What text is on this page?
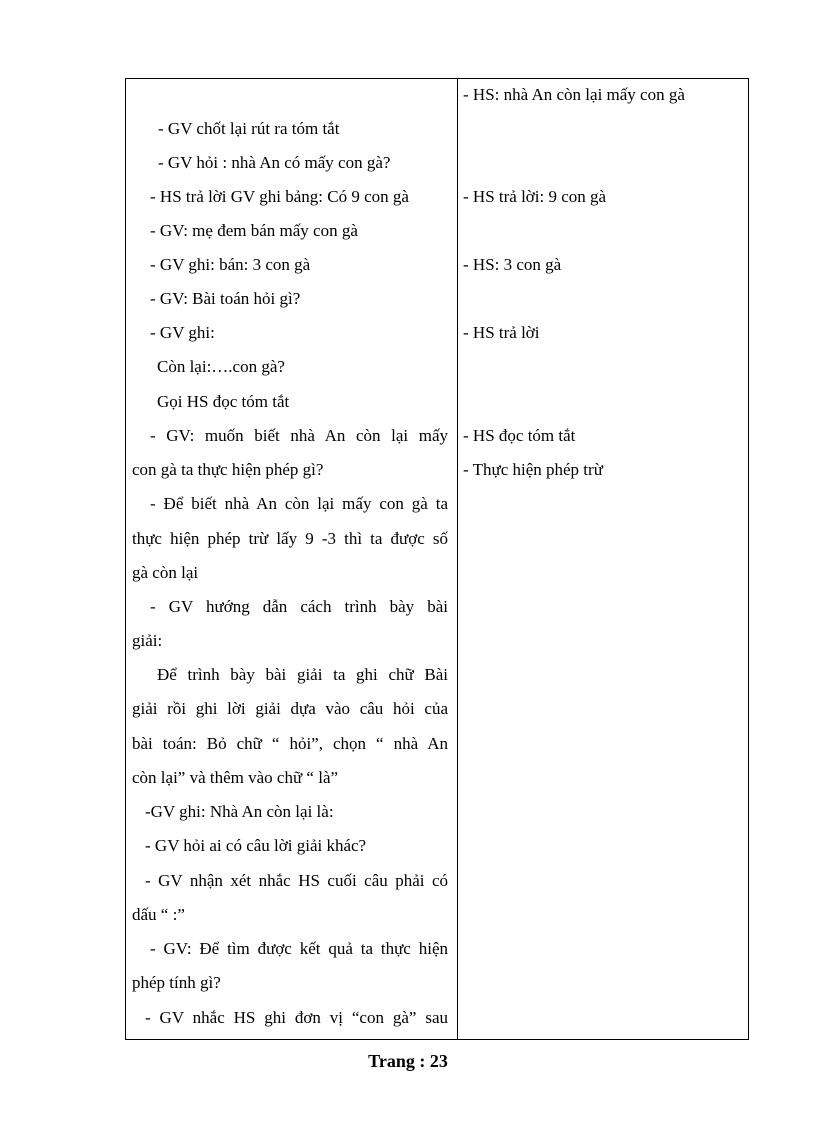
- GV chốt lại rút ra tóm tắt
- GV hỏi : nhà An có mấy con gà?
- HS trả lời GV ghi bảng: Có 9 con gà
- GV: mẹ đem bán mấy con gà
- GV ghi: bán: 3 con gà
- GV: Bài toán hỏi gì?
- GV ghi:
Còn lại:….con gà?
Gọi HS đọc tóm tắt
- GV: muốn biết nhà An còn lại mấy
con gà ta thực hiện phép gì?
- Để biết nhà An còn lại mấy con gà ta
thực hiện phép trừ lấy 9 -3 thì ta được số
gà còn lại
- GV hướng dẫn cách trình bày bài
giải:
Để trình bày bài giải ta ghi chữ Bài
giải rồi ghi lời giải dựa vào câu hỏi của
bài toán: Bỏ chữ “ hỏi”, chọn “ nhà An
còn lại” và thêm vào chữ “ là”
-GV ghi: Nhà An còn lại là:
- GV hỏi ai có câu lời giải khác?
- GV nhận xét nhắc HS cuối câu phải có
dấu “ :”
- GV: Để tìm được kết quả ta thực hiện
phép tính gì?
- GV nhắc HS ghi đơn vị “con gà” sau
- HS: nhà An còn lại mấy con gà
- HS trả lời: 9 con gà
- HS: 3 con gà
- HS trả lời
- HS đọc tóm tắt
- Thực hiện phép trừ
Trang : 23
